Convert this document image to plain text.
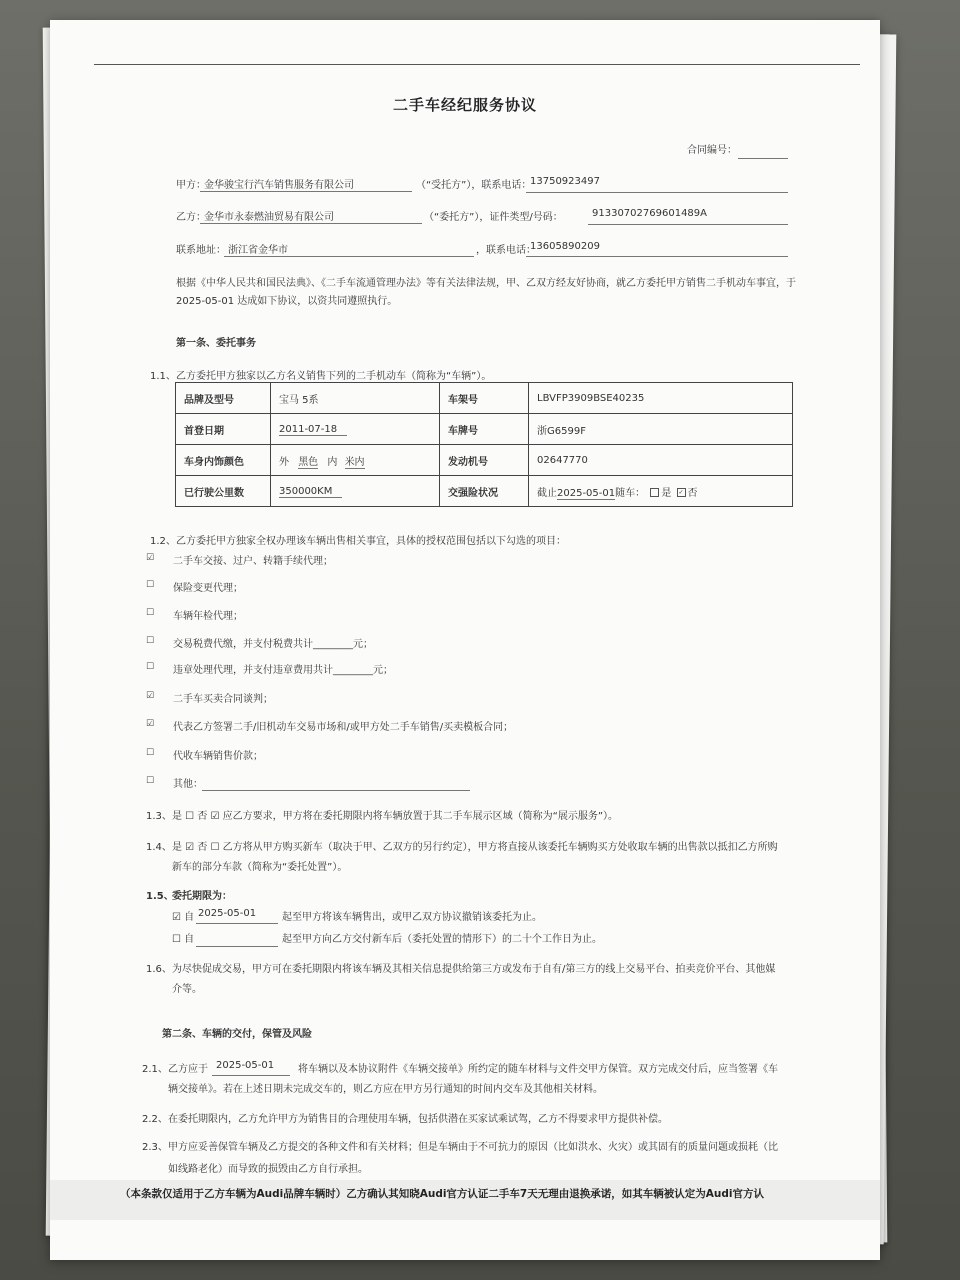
二手车经纪服务协议
合同编号：
甲方：
金华骏宝行汽车销售服务有限公司	（“受托方”），联系电话：
13750923497
乙方：
金华市永泰燃油贸易有限公司	（“委托方”），证件类型/号码：	91330702769601489A
联系地址： 浙江省金华市	，联系电话：
13605890209
根据《中华人民共和国民法典》、《二手车流通管理办法》等有关法律法规，甲、乙双方经友好协商，就乙方委托甲方销售二手机动车事宜，于
2025-05-01 达成如下协议，以资共同遵照执行。
第一条、委托事务
1.1、 乙方委托甲方独家以乙方名义销售下列的二手机动车（简称为“车辆”）。
品牌及型号	宝马 5系	车架号	LBVFP3909BSE40235
首登日期	2011-07-18	车牌号	浙G6599F
车身内饰颜色	外 黑色 内 米内	发动机号	02647770
已行驶公里数	350000KM	交强险状况	截止2025-05-01随车： 是 ✓ 否
1.2、 乙方委托甲方独家全权办理该车辆出售相关事宜，具体的授权范围包括以下勾选的项目：
☑ 二手车交接、过户、转籍手续代理；
☐ 保险变更代理；
☐ 车辆年检代理；
☐ 交易税费代缴，并支付税费共计________元；
☐ 违章处理代理，并支付违章费用共计________元；
☑ 二手车买卖合同谈判；
☑ 代表乙方签署二手/旧机动车交易市场和/或甲方处二手车销售/买卖模板合同；
☐ 代收车辆销售价款；
☐ 其他：
1.3、 是 ☐ 否 ☑ 应乙方要求，甲方将在委托期限内将车辆放置于其二手车展示区域（简称为“展示服务”）。
1.4、 是 ☑ 否 ☐ 乙方将从甲方购买新车（取决于甲、乙双方的另行约定），甲方将直接从该委托车辆购买方处收取车辆的出售款以抵扣乙方所购
新车的部分车款（简称为“委托处置”）。
1.5、
委托期限为：
☑ 自 2025-05-01	起至甲方将该车辆售出，或甲乙双方协议撤销该委托为止。
☐ 自	起至甲方向乙方交付新车后（委托处置的情形下）的二十个工作日为止。
1.6、 为尽快促成交易，甲方可在委托期限内将该车辆及其相关信息提供给第三方或发布于自有/第三方的线上交易平台、拍卖竞价平台、其他媒
介等。
第二条、车辆的交付，保管及风险
2.1、 乙方应于 2025-05-01 将车辆以及本协议附件《车辆交接单》所约定的随车材料与文件交甲方保管。双方完成交付后，应当签署《车
辆交接单》。若在上述日期未完成交车的，则乙方应在甲方另行通知的时间内交车及其他相关材料。
2.2、 在委托期限内，乙方允许甲方为销售目的合理使用车辆，包括供潜在买家试乘试驾，乙方不得要求甲方提供补偿。
2.3、 甲方应妥善保管车辆及乙方提交的各种文件和有关材料；但是车辆由于不可抗力的原因（比如洪水、火灾）或其固有的质量问题或损耗（比
如线路老化）而导致的损毁由乙方自行承担。
（本条款仅适用于乙方车辆为Audi品牌车辆时）乙方确认其知晓Audi官方认证二手车7天无理由退换承诺，如其车辆被认定为Audi官方认
